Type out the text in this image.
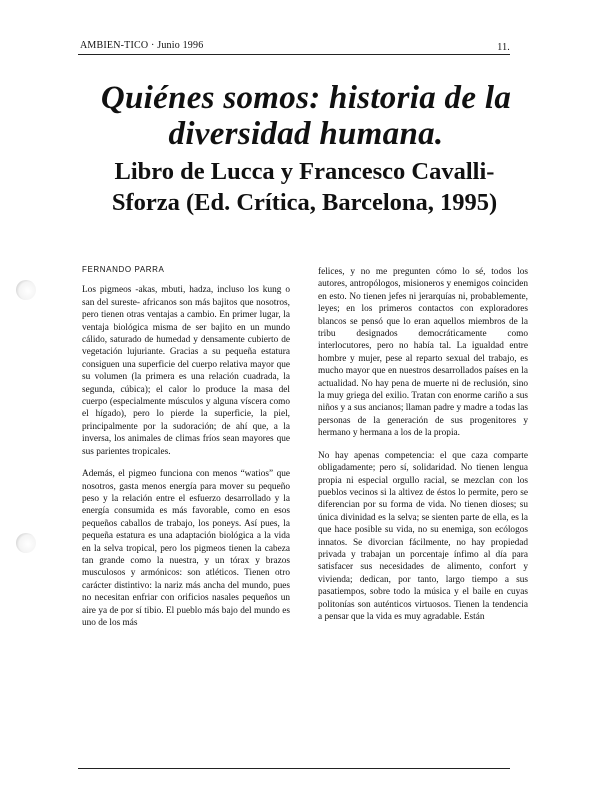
AMBIEN-TICO · Junio 1996	11.
Quiénes somos: historia de la diversidad humana.
Libro de Lucca y Francesco Cavalli-Sforza (Ed. Crítica, Barcelona, 1995)
FERNANDO PARRA

Los pigmeos -akas, mbuti, hadza, incluso los kung o san del sureste- africanos son más bajitos que nosotros, pero tienen otras ventajas a cambio. En primer lugar, la ventaja biológica misma de ser bajito en un mundo cálido, saturado de humedad y densamente cubierto de vegetación lujuriante. Gracias a su pequeña estatura consiguen una superficie del cuerpo relativa mayor que su volumen (la primera es una relación cuadrada, la segunda, cúbica); el calor lo produce la masa del cuerpo (especialmente músculos y alguna víscera como el hígado), pero lo pierde la superficie, la piel, principalmente por la sudoración; de ahí que, a la inversa, los animales de climas fríos sean mayores que sus parientes tropicales.

Además, el pigmeo funciona con menos “watios” que nosotros, gasta menos energía para mover su pequeño peso y la relación entre el esfuerzo desarrollado y la energía consumida es más favorable, como en esos pequeños caballos de trabajo, los poneys. Así pues, la pequeña estatura es una adaptación biológica a la vida en la selva tropical, pero los pigmeos tienen la cabeza tan grande como la nuestra, y un tórax y brazos musculosos y armónicos: son atléticos. Tienen otro carácter distintivo: la nariz más ancha del mundo, pues no necesitan enfriar con orificios nasales pequeños un aire ya de por sí tibio. El pueblo más bajo del mundo es uno de los más

felices, y no me pregunten cómo lo sé, todos los autores, antropólogos, misioneros y enemigos coinciden en esto. No tienen jefes ni jerarquías ni, probablemente, leyes; en los primeros contactos con exploradores blancos se pensó que lo eran aquellos miembros de la tribu designados democráticamente como interlocutores, pero no había tal. La igualdad entre hombre y mujer, pese al reparto sexual del trabajo, es mucho mayor que en nuestros desarrollados países en la actualidad. No hay pena de muerte ni de reclusión, sino la muy griega del exilio. Tratan con enorme cariño a sus niños y a sus ancianos; llaman padre y madre a todas las personas de la generación de sus progenitores y hermano y hermana a los de la propia.

No hay apenas competencia: el que caza comparte obligadamente; pero sí, solidaridad. No tienen lengua propia ni especial orgullo racial, se mezclan con los pueblos vecinos si la altivez de éstos lo permite, pero se diferencian por su forma de vida. No tienen dioses; su única divinidad es la selva; se sienten parte de ella, es la que hace posible su vida, no su enemiga, son ecólogos innatos. Se divorcian fácilmente, no hay propiedad privada y trabajan un porcentaje ínfimo al día para satisfacer sus necesidades de alimento, confort y vivienda; dedican, por tanto, largo tiempo a sus pasatiempos, sobre todo la música y el baile en cuyas politonías son auténticos virtuosos. Tienen la tendencia a pensar que la vida es muy agradable. Están
